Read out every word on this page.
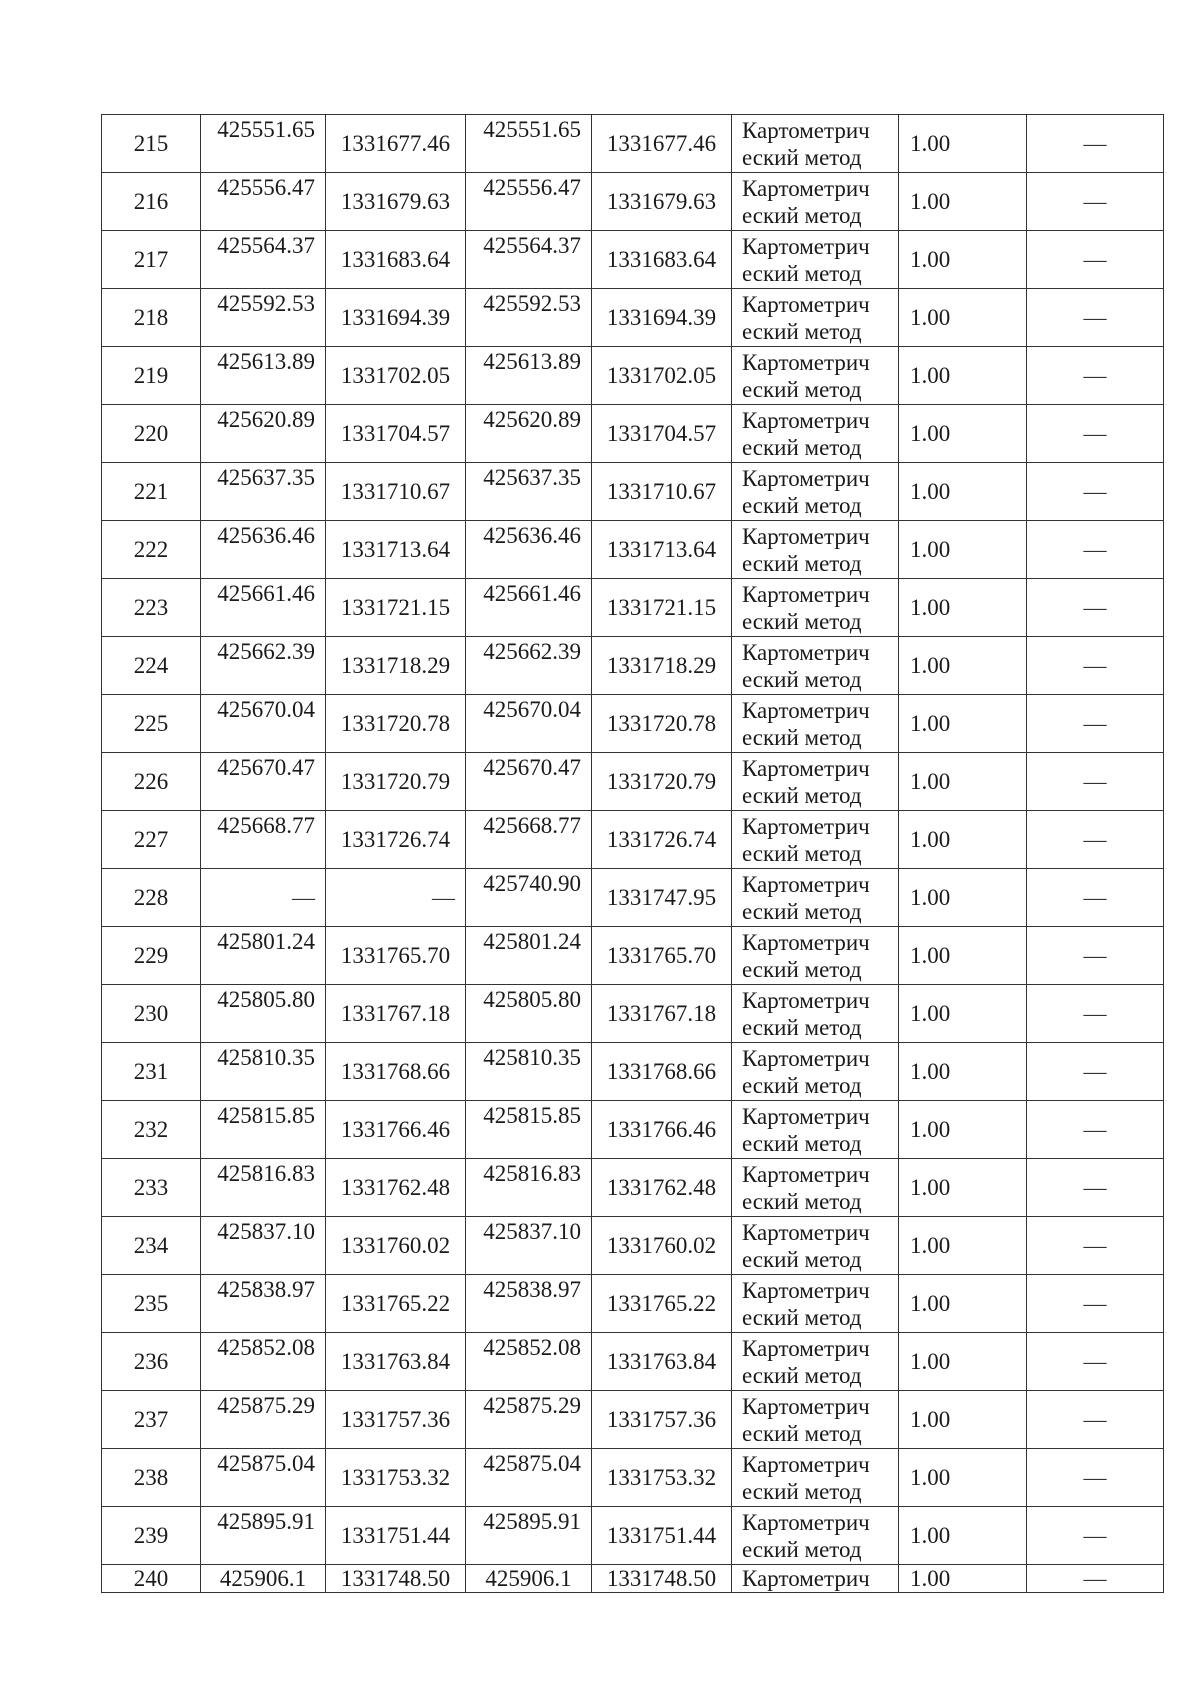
215	425551.65	1331677.46	425551.65	1331677.46	Картометрический метод	1.00	—

216	425556.47	1331679.63	425556.47	1331679.63	Картометрический метод	1.00	—

217	425564.37	1331683.64	425564.37	1331683.64	Картометрический метод	1.00	—

218	425592.53	1331694.39	425592.53	1331694.39	Картометрический метод	1.00	—

219	425613.89	1331702.05	425613.89	1331702.05	Картометрический метод	1.00	—

220	425620.89	1331704.57	425620.89	1331704.57	Картометрический метод	1.00	—

221	425637.35	1331710.67	425637.35	1331710.67	Картометрический метод	1.00	—

222	425636.46	1331713.64	425636.46	1331713.64	Картометрический метод	1.00	—

223	425661.46	1331721.15	425661.46	1331721.15	Картометрический метод	1.00	—

224	425662.39	1331718.29	425662.39	1331718.29	Картометрический метод	1.00	—

225	425670.04	1331720.78	425670.04	1331720.78	Картометрический метод	1.00	—

226	425670.47	1331720.79	425670.47	1331720.79	Картометрический метод	1.00	—

227	425668.77	1331726.74	425668.77	1331726.74	Картометрический метод	1.00	—

228	—	—	425740.90	1331747.95	Картометрический метод	1.00	—

229	425801.24	1331765.70	425801.24	1331765.70	Картометрический метод	1.00	—

230	425805.80	1331767.18	425805.80	1331767.18	Картометрический метод	1.00	—

231	425810.35	1331768.66	425810.35	1331768.66	Картометрический метод	1.00	—

232	425815.85	1331766.46	425815.85	1331766.46	Картометрический метод	1.00	—

233	425816.83	1331762.48	425816.83	1331762.48	Картометрический метод	1.00	—

234	425837.10	1331760.02	425837.10	1331760.02	Картометрический метод	1.00	—

235	425838.97	1331765.22	425838.97	1331765.22	Картометрический метод	1.00	—

236	425852.08	1331763.84	425852.08	1331763.84	Картометрический метод	1.00	—

237	425875.29	1331757.36	425875.29	1331757.36	Картометрический метод	1.00	—

238	425875.04	1331753.32	425875.04	1331753.32	Картометрический метод	1.00	—

239	425895.91	1331751.44	425895.91	1331751.44	Картометрический метод	1.00	—

240	425906.1	1331748.50	425906.1	1331748.50	Картометрич	1.00	—
